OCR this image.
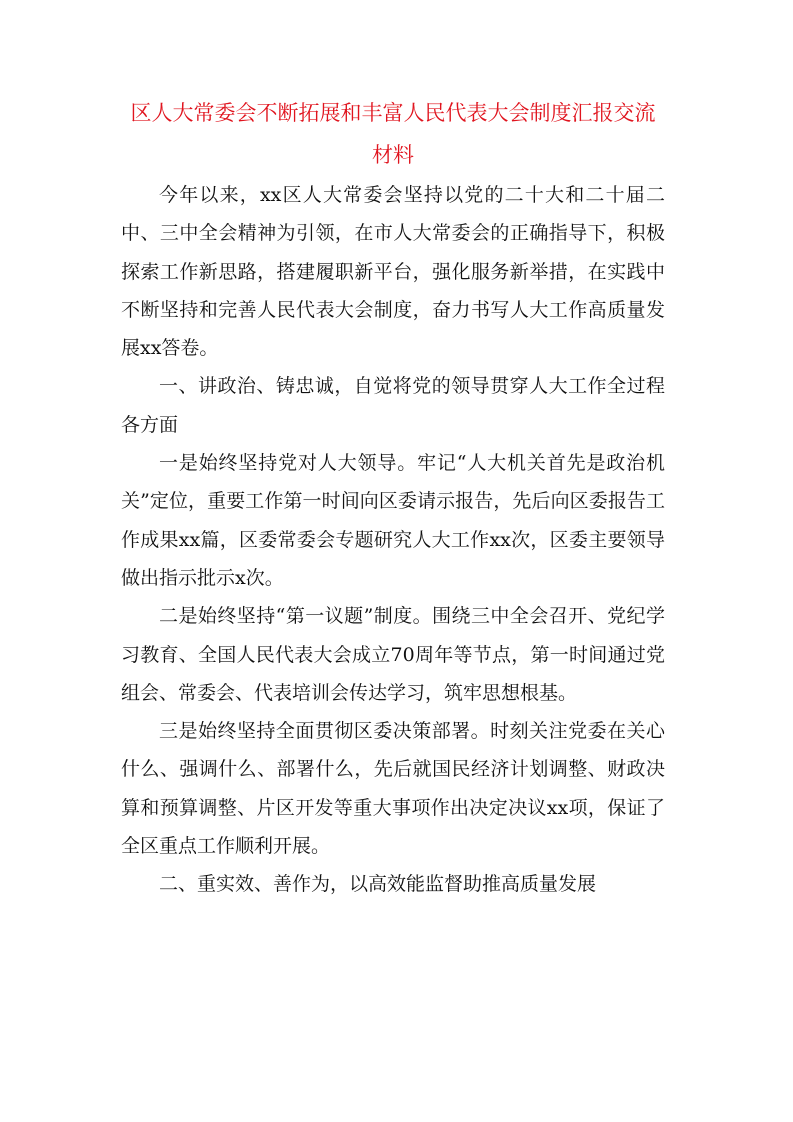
区人大常委会不断拓展和丰富人民代表大会制度汇报交流
材料

今年以来，xx区人大常委会坚持以党的二十大和二十届二中、三中全会精神为引领，在市人大常委会的正确指导下，积极探索工作新思路，搭建履职新平台，强化服务新举措，在实践中不断坚持和完善人民代表大会制度，奋力书写人大工作高质量发展xx答卷。

一、讲政治、铸忠诚，自觉将党的领导贯穿人大工作全过程各方面

一是始终坚持党对人大领导。牢记“人大机关首先是政治机关”定位，重要工作第一时间向区委请示报告，先后向区委报告工作成果xx篇，区委常委会专题研究人大工作xx次，区委主要领导做出指示批示x次。

二是始终坚持“第一议题”制度。围绕三中全会召开、党纪学习教育、全国人民代表大会成立70周年等节点，第一时间通过党组会、常委会、代表培训会传达学习，筑牢思想根基。

三是始终坚持全面贯彻区委决策部署。时刻关注党委在关心什么、强调什么、部署什么，先后就国民经济计划调整、财政决算和预算调整、片区开发等重大事项作出决定决议xx项，保证了全区重点工作顺利开展。

二、重实效、善作为，以高效能监督助推高质量发展
